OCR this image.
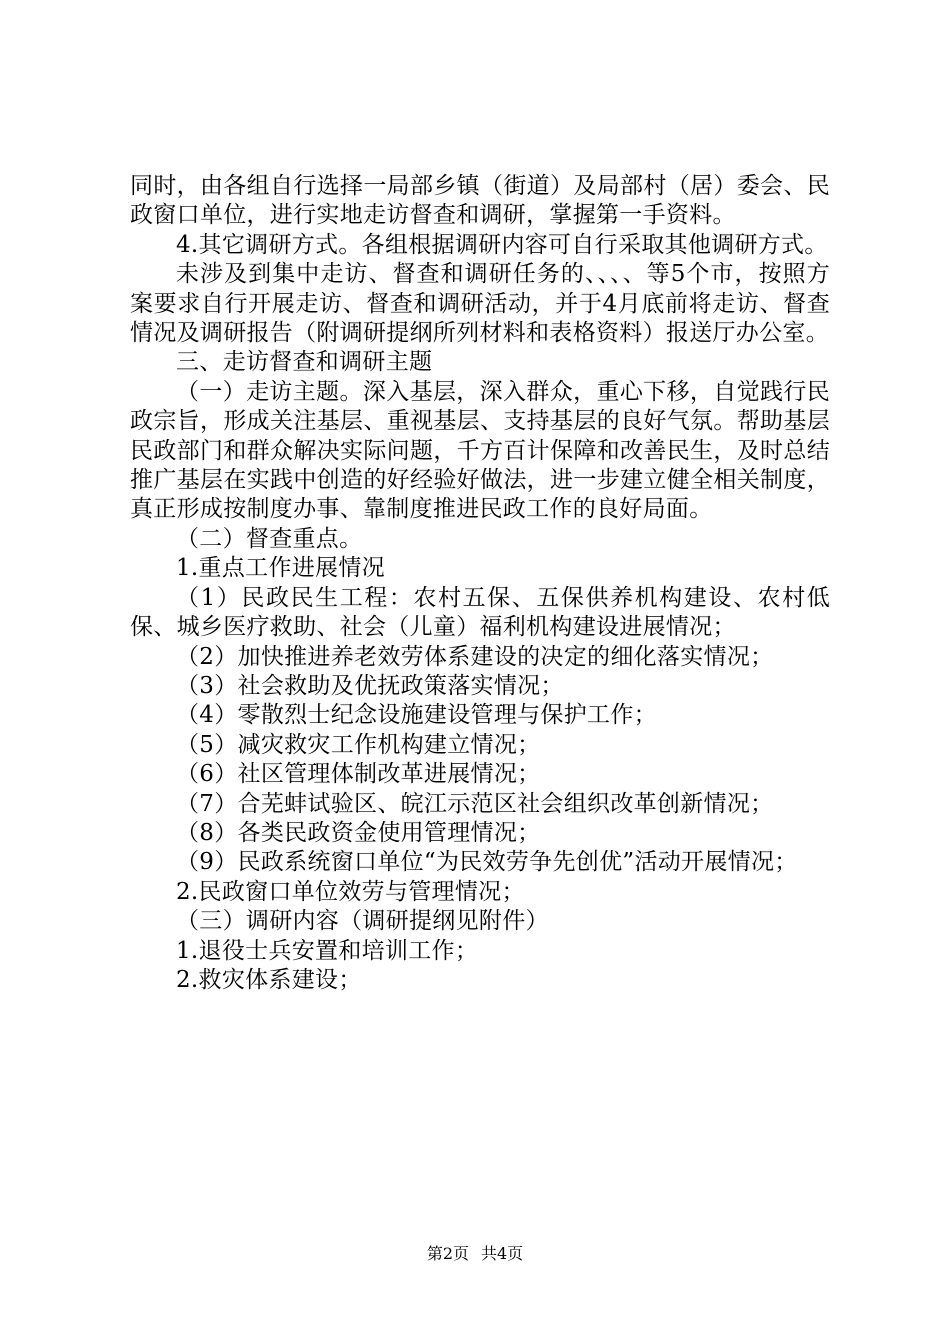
同时，由各组自行选择一局部乡镇（街道）及局部村（居）委会、民政窗口单位，进行实地走访督查和调研，掌握第一手资料。

4.其它调研方式。各组根据调研内容可自行采取其他调研方式。

未涉及到集中走访、督查和调研任务的、、、、等5个市，按照方案要求自行开展走访、督查和调研活动，并于4月底前将走访、督查情况及调研报告（附调研提纲所列材料和表格资料）报送厅办公室。

三、走访督查和调研主题

（一）走访主题。深入基层，深入群众，重心下移，自觉践行民政宗旨，形成关注基层、重视基层、支持基层的良好气氛。帮助基层民政部门和群众解决实际问题，千方百计保障和改善民生，及时总结推广基层在实践中创造的好经验好做法，进一步建立健全相关制度，真正形成按制度办事、靠制度推进民政工作的良好局面。

（二）督查重点。

1.重点工作进展情况

（1）民政民生工程：农村五保、五保供养机构建设、农村低保、城乡医疗救助、社会（儿童）福利机构建设进展情况；

（2）加快推进养老效劳体系建设的决定的细化落实情况；

（3）社会救助及优抚政策落实情况；

（4）零散烈士纪念设施建设管理与保护工作；

（5）减灾救灾工作机构建立情况；

（6）社区管理体制改革进展情况；

（7）合芜蚌试验区、皖江示范区社会组织改革创新情况；

（8）各类民政资金使用管理情况；

（9）民政系统窗口单位“为民效劳争先创优”活动开展情况；

2.民政窗口单位效劳与管理情况；

（三）调研内容（调研提纲见附件）

1.退役士兵安置和培训工作；

2.救灾体系建设；

第2页 共4页
